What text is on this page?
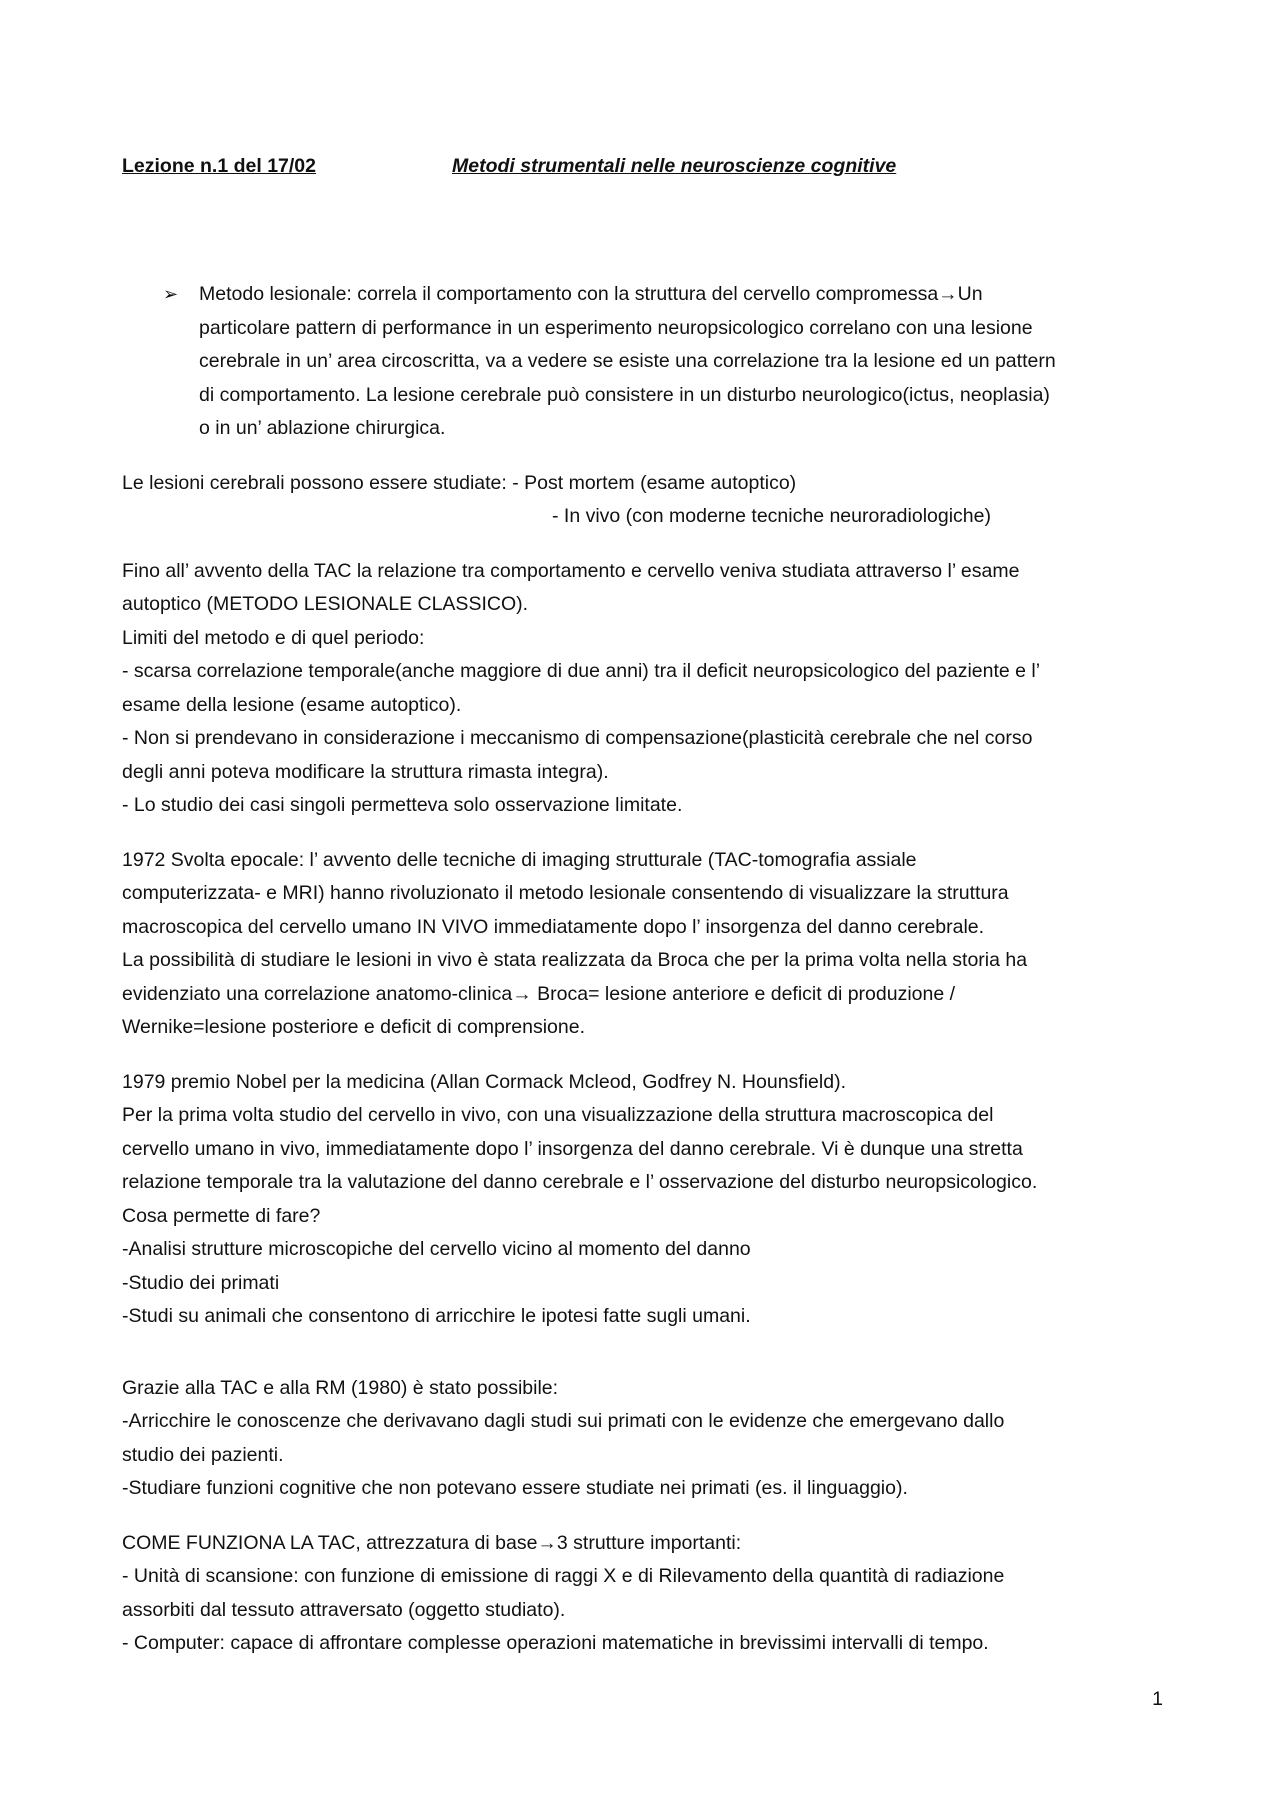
Lezione n.1 del 17/02	Metodi strumentali nelle neuroscienze cognitive
➢ Metodo lesionale: correla il comportamento con la struttura del cervello compromessa→Un
particolare pattern di performance in un esperimento neuropsicologico correlano con una lesione
cerebrale in un’ area circoscritta, va a vedere se esiste una correlazione tra la lesione ed un pattern
di comportamento. La lesione cerebrale può consistere in un disturbo neurologico(ictus, neoplasia)
o in un’ ablazione chirurgica.
Le lesioni cerebrali possono essere studiate: - Post mortem (esame autoptico)
- In vivo (con moderne tecniche neuroradiologiche)
Fino all’ avvento della TAC la relazione tra comportamento e cervello veniva studiata attraverso l’ esame
autoptico (METODO LESIONALE CLASSICO).
Limiti del metodo e di quel periodo:
- scarsa correlazione temporale(anche maggiore di due anni) tra il deficit neuropsicologico del paziente e l’
esame della lesione (esame autoptico).
- Non si prendevano in considerazione i meccanismo di compensazione(plasticità cerebrale che nel corso
degli anni poteva modificare la struttura rimasta integra).
- Lo studio dei casi singoli permetteva solo osservazione limitate.
1972 Svolta epocale: l’ avvento delle tecniche di imaging strutturale (TAC-tomografia assiale
computerizzata- e MRI) hanno rivoluzionato il metodo lesionale consentendo di visualizzare la struttura
macroscopica del cervello umano IN VIVO immediatamente dopo l’ insorgenza del danno cerebrale.
La possibilità di studiare le lesioni in vivo è stata realizzata da Broca che per la prima volta nella storia ha
evidenziato una correlazione anatomo-clinica→ Broca= lesione anteriore e deficit di produzione /
Wernike=lesione posteriore e deficit di comprensione.
1979 premio Nobel per la medicina (Allan Cormack Mcleod, Godfrey N. Hounsfield).
Per la prima volta studio del cervello in vivo, con una visualizzazione della struttura macroscopica del
cervello umano in vivo, immediatamente dopo l’ insorgenza del danno cerebrale. Vi è dunque una stretta
relazione temporale tra la valutazione del danno cerebrale e l’ osservazione del disturbo neuropsicologico.
Cosa permette di fare?
-Analisi strutture microscopiche del cervello vicino al momento del danno
-Studio dei primati
-Studi su animali che consentono di arricchire le ipotesi fatte sugli umani.
Grazie alla TAC e alla RM (1980) è stato possibile:
-Arricchire le conoscenze che derivavano dagli studi sui primati con le evidenze che emergevano dallo
studio dei pazienti.
-Studiare funzioni cognitive che non potevano essere studiate nei primati (es. il linguaggio).
COME FUNZIONA LA TAC, attrezzatura di base→3 strutture importanti:
- Unità di scansione: con funzione di emissione di raggi X e di Rilevamento della quantità di radiazione
assorbiti dal tessuto attraversato (oggetto studiato).
- Computer: capace di affrontare complesse operazioni matematiche in brevissimi intervalli di tempo.
1
